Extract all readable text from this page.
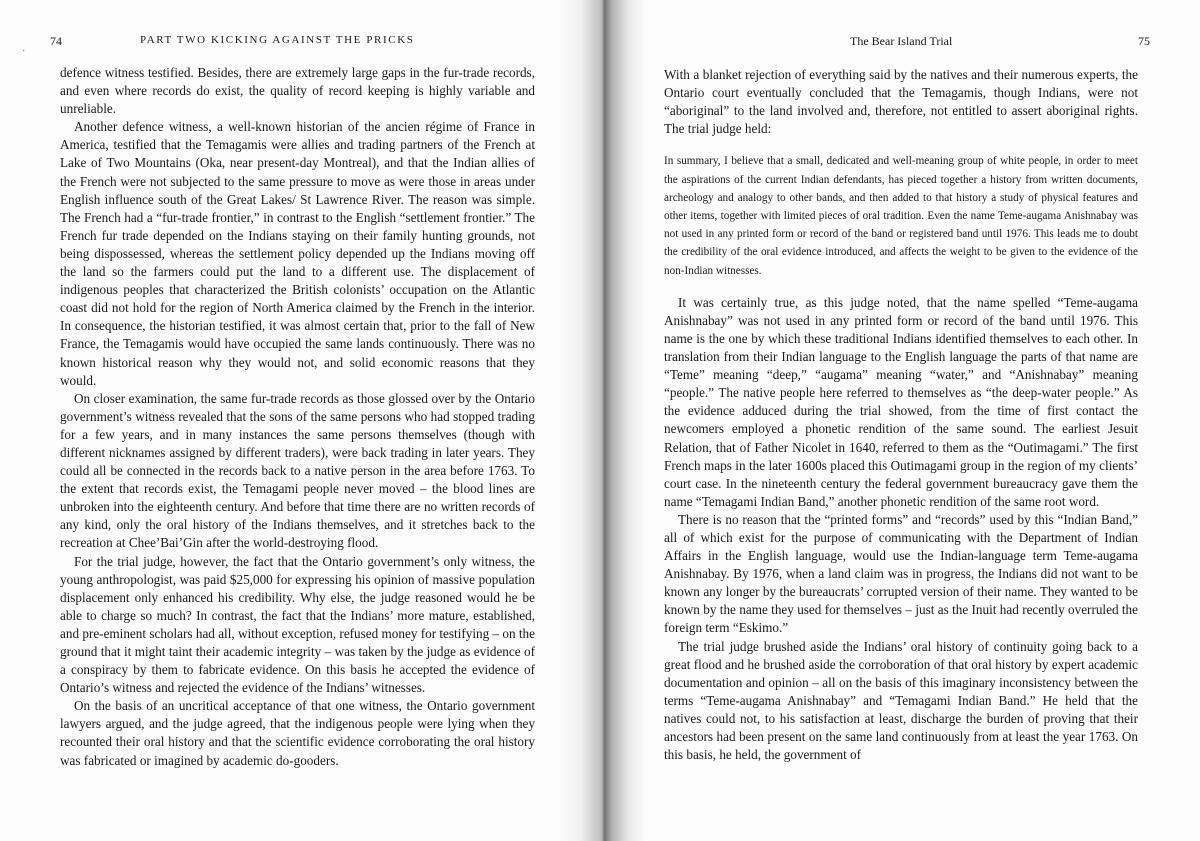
·
74	PART TWO KICKING AGAINST THE PRICKS

defence witness testified. Besides, there are extremely large gaps in the fur-trade records, and even where records do exist, the quality of record keeping is highly variable and unreliable.

Another defence witness, a well-known historian of the ancien régime of France in America, testified that the Temagamis were allies and trading partners of the French at Lake of Two Mountains (Oka, near present-day Montreal), and that the Indian allies of the French were not subjected to the same pressure to move as were those in areas under English influence south of the Great Lakes/ St Lawrence River. The reason was simple. The French had a “fur-trade frontier,” in contrast to the English “settlement frontier.” The French fur trade depended on the Indians staying on their family hunting grounds, not being dispossessed, whereas the settlement policy depended up the Indians moving off the land so the farmers could put the land to a different use. The displacement of indigenous peoples that characterized the British colonists’ occupation on the Atlantic coast did not hold for the region of North America claimed by the French in the interior. In consequence, the historian testified, it was almost certain that, prior to the fall of New France, the Temagamis would have occupied the same lands continuously. There was no known historical reason why they would not, and solid economic reasons that they would.

On closer examination, the same fur-trade records as those glossed over by the Ontario government’s witness revealed that the sons of the same persons who had stopped trading for a few years, and in many instances the same persons themselves (though with different nicknames assigned by different traders), were back trading in later years. They could all be connected in the records back to a native person in the area before 1763. To the extent that records exist, the Temagami people never moved – the blood lines are unbroken into the eighteenth century. And before that time there are no written records of any kind, only the oral history of the Indians themselves, and it stretches back to the recreation at Chee’Bai’Gin after the world-destroying flood.

For the trial judge, however, the fact that the Ontario government’s only witness, the young anthropologist, was paid $25,000 for expressing his opinion of massive population displacement only enhanced his credibility. Why else, the judge reasoned would he be able to charge so much? In contrast, the fact that the Indians’ more mature, established, and pre-eminent scholars had all, without exception, refused money for testifying – on the ground that it might taint their academic integrity – was taken by the judge as evidence of a conspiracy by them to fabricate evidence. On this basis he accepted the evidence of Ontario’s witness and rejected the evidence of the Indians’ witnesses.

On the basis of an uncritical acceptance of that one witness, the Ontario government lawyers argued, and the judge agreed, that the indigenous people were lying when they recounted their oral history and that the scientific evidence corroborating the oral history was fabricated or imagined by academic do-gooders.

The Bear Island Trial	75

With a blanket rejection of everything said by the natives and their numerous experts, the Ontario court eventually concluded that the Temagamis, though Indians, were not “aboriginal” to the land involved and, therefore, not entitled to assert aboriginal rights. The trial judge held:

In summary, I believe that a small, dedicated and well-meaning group of white people, in order to meet the aspirations of the current Indian defendants, has pieced together a history from written documents, archeology and analogy to other bands, and then added to that history a study of physical features and other items, together with limited pieces of oral tradition. Even the name Teme-augama Anishnabay was not used in any printed form or record of the band or registered band until 1976. This leads me to doubt the credibility of the oral evidence introduced, and affects the weight to be given to the evidence of the non-Indian witnesses.

It was certainly true, as this judge noted, that the name spelled “Teme-augama Anishnabay” was not used in any printed form or record of the band until 1976. This name is the one by which these traditional Indians identified themselves to each other. In translation from their Indian language to the English language the parts of that name are “Teme” meaning “deep,” “augama” meaning “water,” and “Anishnabay” meaning “people.” The native people here referred to themselves as “the deep-water people.” As the evidence adduced during the trial showed, from the time of first contact the newcomers employed a phonetic rendition of the same sound. The earliest Jesuit Relation, that of Father Nicolet in 1640, referred to them as the “Outimagami.” The first French maps in the later 1600s placed this Outimagami group in the region of my clients’ court case. In the nineteenth century the federal government bureaucracy gave them the name “Temagami Indian Band,” another phonetic rendition of the same root word.

There is no reason that the “printed forms” and “records” used by this “Indian Band,” all of which exist for the purpose of communicating with the Department of Indian Affairs in the English language, would use the Indian-language term Teme-augama Anishnabay. By 1976, when a land claim was in progress, the Indians did not want to be known any longer by the bureaucrats’ corrupted version of their name. They wanted to be known by the name they used for themselves – just as the Inuit had recently overruled the foreign term “Eskimo.”

The trial judge brushed aside the Indians’ oral history of continuity going back to a great flood and he brushed aside the corroboration of that oral history by expert academic documentation and opinion – all on the basis of this imaginary inconsistency between the terms “Teme-augama Anishnabay” and “Temagami Indian Band.” He held that the natives could not, to his satisfaction at least, discharge the burden of proving that their ancestors had been present on the same land continuously from at least the year 1763. On this basis, he held, the government of
